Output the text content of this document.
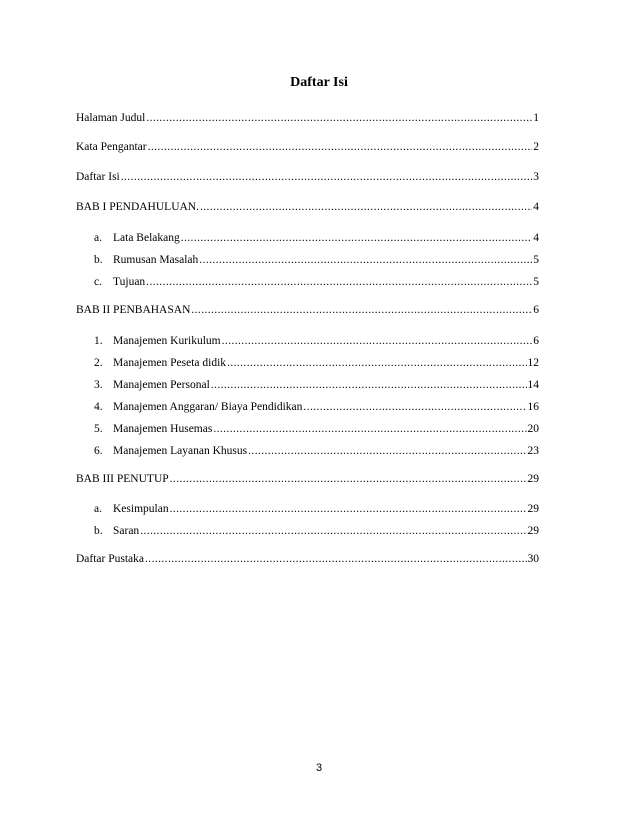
Daftar Isi
Halaman Judul .....	1
Kata Pengantar .....	2
Daftar Isi .....	3
BAB I PENDAHULUAN. .....	4
a. Lata Belakang .....	4
b. Rumusan Masalah .....	5
c. Tujuan .....	5
BAB II PENBAHASAN .....	6
1. Manajemen Kurikulum .....	6
2. Manajemen Peseta didik .....	12
3. Manajemen Personal .....	14
4. Manajemen Anggaran/ Biaya Pendidikan .....	16
5. Manajemen Husemas .....	20
6. Manajemen Layanan Khusus .....	23
BAB III PENUTUP .....	29
a. Kesimpulan .....	29
b. Saran .....	29
Daftar Pustaka .....	30
3
